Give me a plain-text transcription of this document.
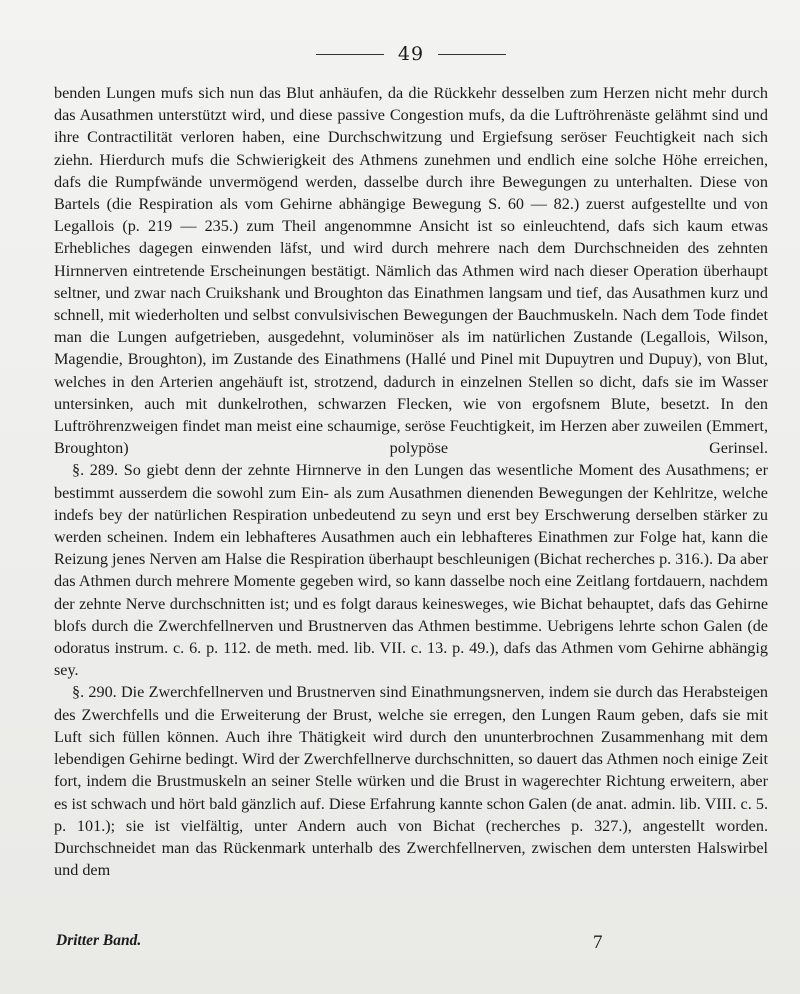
49

benden Lungen mufs sich nun das Blut anhäufen, da die Rückkehr desselben zum Herzen nicht mehr durch das Ausathmen unterstützt wird, und diese passive Congestion mufs, da die Luftröhrenäste gelähmt sind und ihre Contractilität verloren haben, eine Durchschwitzung und Ergiefsung seröser Feuchtigkeit nach sich ziehn. Hierdurch mufs die Schwierigkeit des Athmens zunehmen und endlich eine solche Höhe erreichen, dafs die Rumpfwände unvermögend werden, dasselbe durch ihre Bewegungen zu unterhalten. Diese von Bartels (die Respiration als vom Gehirne abhängige Bewegung S. 60 — 82.) zuerst aufgestellte und von Legallois (p. 219 — 235.) zum Theil angenommne Ansicht ist so einleuchtend, dafs sich kaum etwas Erhebliches dagegen einwenden läfst, und wird durch mehrere nach dem Durchschneiden des zehnten Hirnnerven eintretende Erscheinungen bestätigt. Nämlich das Athmen wird nach dieser Operation überhaupt seltner, und zwar nach Cruikshank und Broughton das Einathmen langsam und tief, das Ausathmen kurz und schnell, mit wiederholten und selbst convulsivischen Bewegungen der Bauchmuskeln. Nach dem Tode findet man die Lungen aufgetrieben, ausgedehnt, voluminöser als im natürlichen Zustande (Legallois, Wilson, Magendie, Broughton), im Zustande des Einathmens (Hallé und Pinel mit Dupuytren und Dupuy), von Blut, welches in den Arterien angehäuft ist, strotzend, dadurch in einzelnen Stellen so dicht, dafs sie im Wasser untersinken, auch mit dunkelrothen, schwarzen Flecken, wie von ergofsnem Blute, besetzt. In den Luftröhrenzweigen findet man meist eine schaumige, seröse Feuchtigkeit, im Herzen aber zuweilen (Emmert, Broughton) polypöse Gerinsel.

§. 289. So giebt denn der zehnte Hirnnerve in den Lungen das wesentliche Moment des Ausathmens; er bestimmt ausserdem die sowohl zum Ein- als zum Ausathmen dienenden Bewegungen der Kehlritze, welche indefs bey der natürlichen Respiration unbedeutend zu seyn und erst bey Erschwerung derselben stärker zu werden scheinen. Indem ein lebhafteres Ausathmen auch ein lebhafteres Einathmen zur Folge hat, kann die Reizung jenes Nerven am Halse die Respiration überhaupt beschleunigen (Bichat recherches p. 316.). Da aber das Athmen durch mehrere Momente gegeben wird, so kann dasselbe noch eine Zeitlang fortdauern, nachdem der zehnte Nerve durchschnitten ist; und es folgt daraus keinesweges, wie Bichat behauptet, dafs das Gehirne blofs durch die Zwerchfellnerven und Brustnerven das Athmen bestimme. Uebrigens lehrte schon Galen (de odoratus instrum. c. 6. p. 112. de meth. med. lib. VII. c. 13. p. 49.), dafs das Athmen vom Gehirne abhängig sey.

§. 290. Die Zwerchfellnerven und Brustnerven sind Einathmungsnerven, indem sie durch das Herabsteigen des Zwerchfells und die Erweiterung der Brust, welche sie erregen, den Lungen Raum geben, dafs sie mit Luft sich füllen können. Auch ihre Thätigkeit wird durch den ununterbrochnen Zusammenhang mit dem lebendigen Gehirne bedingt. Wird der Zwerchfellnerve durchschnitten, so dauert das Athmen noch einige Zeit fort, indem die Brustmuskeln an seiner Stelle würken und die Brust in wagerechter Richtung erweitern, aber es ist schwach und hört bald gänzlich auf. Diese Erfahrung kannte schon Galen (de anat. admin. lib. VIII. c. 5. p. 101.); sie ist vielfältig, unter Andern auch von Bichat (recherches p. 327.), angestellt worden. Durchschneidet man das Rückenmark unterhalb des Zwerchfellnerven, zwischen dem untersten Halswirbel und dem

Dritter Band.	7
